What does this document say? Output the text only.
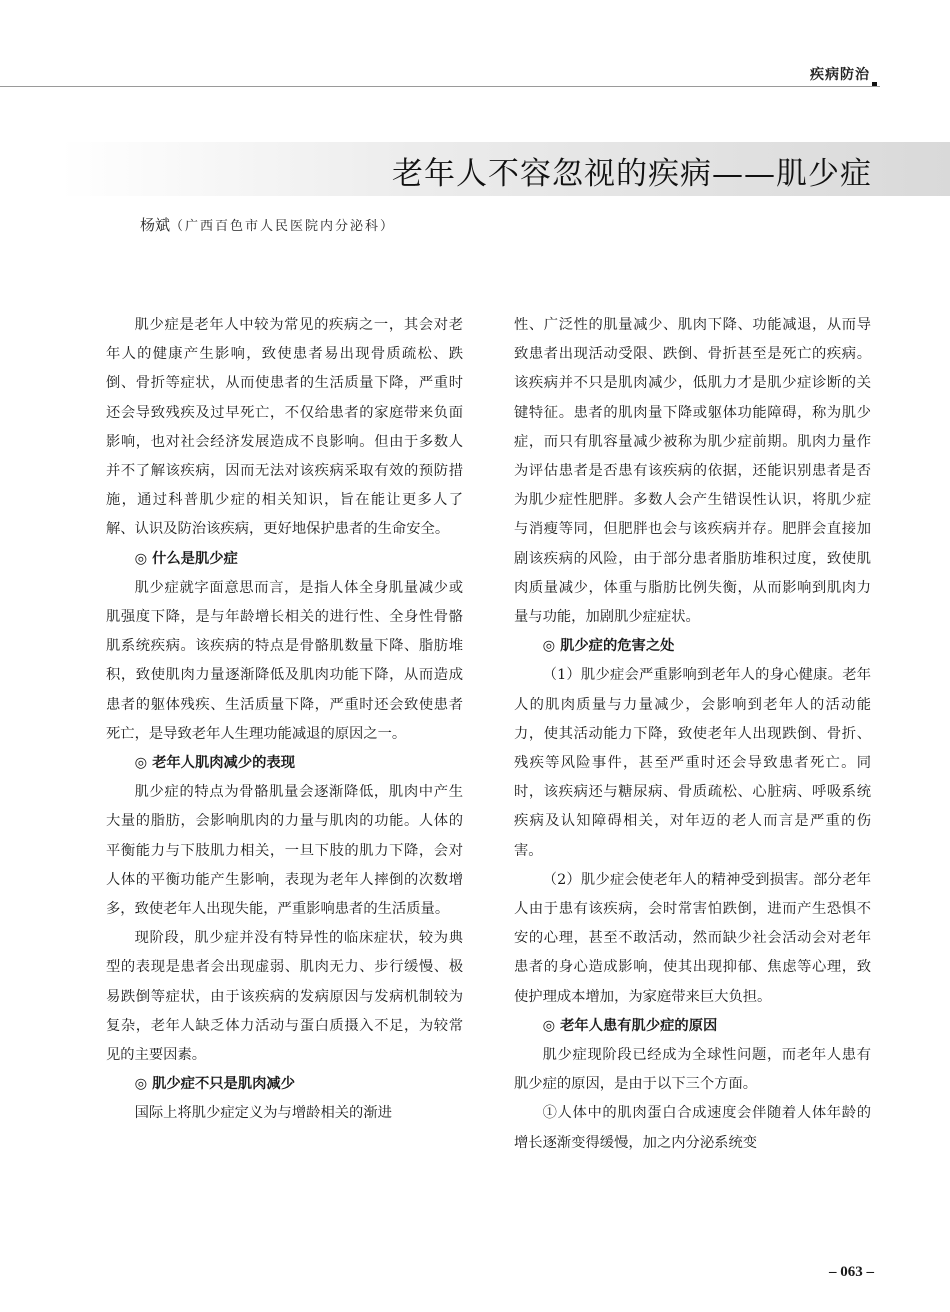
疾病防治
老年人不容忽视的疾病——肌少症
杨斌（广西百色市人民医院内分泌科）

肌少症是老年人中较为常见的疾病之一，其会对老年人的健康产生影响，致使患者易出现骨质疏松、跌倒、骨折等症状，从而使患者的生活质量下降，严重时还会导致残疾及过早死亡，不仅给患者的家庭带来负面影响，也对社会经济发展造成不良影响。但由于多数人并不了解该疾病，因而无法对该疾病采取有效的预防措施，通过科普肌少症的相关知识，旨在能让更多人了解、认识及防治该疾病，更好地保护患者的生命安全。

◎ 什么是肌少症

肌少症就字面意思而言，是指人体全身肌量减少或肌强度下降，是与年龄增长相关的进行性、全身性骨骼肌系统疾病。该疾病的特点是骨骼肌数量下降、脂肪堆积，致使肌肉力量逐渐降低及肌肉功能下降，从而造成患者的躯体残疾、生活质量下降，严重时还会致使患者死亡，是导致老年人生理功能减退的原因之一。

◎ 老年人肌肉减少的表现

肌少症的特点为骨骼肌量会逐渐降低，肌肉中产生大量的脂肪，会影响肌肉的力量与肌肉的功能。人体的平衡能力与下肢肌力相关，一旦下肢的肌力下降，会对人体的平衡功能产生影响，表现为老年人摔倒的次数增多，致使老年人出现失能，严重影响患者的生活质量。

现阶段，肌少症并没有特异性的临床症状，较为典型的表现是患者会出现虚弱、肌肉无力、步行缓慢、极易跌倒等症状，由于该疾病的发病原因与发病机制较为复杂，老年人缺乏体力活动与蛋白质摄入不足，为较常见的主要因素。

◎ 肌少症不只是肌肉减少

国际上将肌少症定义为与增龄相关的渐进

性、广泛性的肌量减少、肌肉下降、功能减退，从而导致患者出现活动受限、跌倒、骨折甚至是死亡的疾病。该疾病并不只是肌肉减少，低肌力才是肌少症诊断的关键特征。患者的肌肉量下降或躯体功能障碍，称为肌少症，而只有肌容量减少被称为肌少症前期。肌肉力量作为评估患者是否患有该疾病的依据，还能识别患者是否为肌少症性肥胖。多数人会产生错误性认识，将肌少症与消瘦等同，但肥胖也会与该疾病并存。肥胖会直接加剧该疾病的风险，由于部分患者脂肪堆积过度，致使肌肉质量减少，体重与脂肪比例失衡，从而影响到肌肉力量与功能，加剧肌少症症状。

◎ 肌少症的危害之处

（1）肌少症会严重影响到老年人的身心健康。老年人的肌肉质量与力量减少，会影响到老年人的活动能力，使其活动能力下降，致使老年人出现跌倒、骨折、残疾等风险事件，甚至严重时还会导致患者死亡。同时，该疾病还与糖尿病、骨质疏松、心脏病、呼吸系统疾病及认知障碍相关，对年迈的老人而言是严重的伤害。

（2）肌少症会使老年人的精神受到损害。部分老年人由于患有该疾病，会时常害怕跌倒，进而产生恐惧不安的心理，甚至不敢活动，然而缺少社会活动会对老年患者的身心造成影响，使其出现抑郁、焦虑等心理，致使护理成本增加，为家庭带来巨大负担。

◎ 老年人患有肌少症的原因

肌少症现阶段已经成为全球性问题，而老年人患有肌少症的原因，是由于以下三个方面。

①人体中的肌肉蛋白合成速度会伴随着人体年龄的增长逐渐变得缓慢，加之内分泌系统变

– 063 –
